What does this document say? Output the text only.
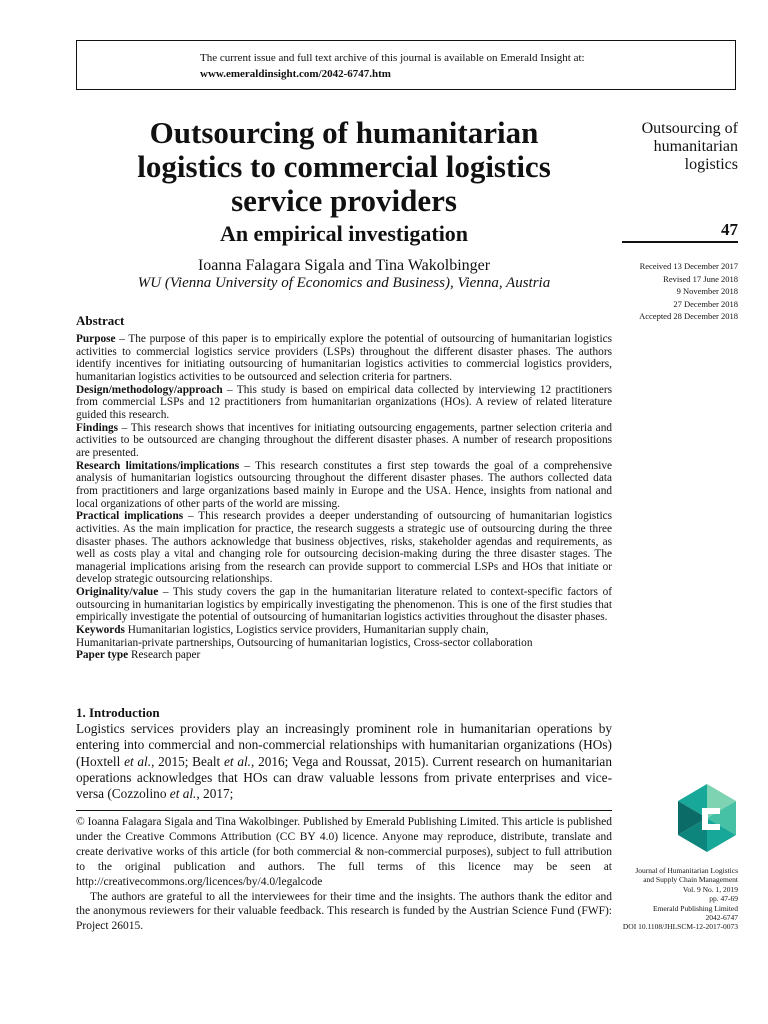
The current issue and full text archive of this journal is available on Emerald Insight at:
www.emeraldinsight.com/2042-6747.htm
Outsourcing of humanitarian
logistics to commercial logistics
service providers
An empirical investigation
Ioanna Falagara Sigala and Tina Wakolbinger
WU (Vienna University of Economics and Business), Vienna, Austria
Outsourcing of
humanitarian
logistics
47
Received 13 December 2017
Revised 17 June 2018
9 November 2018
27 December 2018
Accepted 28 December 2018
Abstract

Purpose – The purpose of this paper is to empirically explore the potential of outsourcing of humanitarian logistics activities to commercial logistics service providers (LSPs) throughout the different disaster phases. The authors identify incentives for initiating outsourcing of humanitarian logistics activities to commercial logistics providers, humanitarian logistics activities to be outsourced and selection criteria for partners.

Design/methodology/approach – This study is based on empirical data collected by interviewing 12 practitioners from commercial LSPs and 12 practitioners from humanitarian organizations (HOs). A review of related literature guided this research.

Findings – This research shows that incentives for initiating outsourcing engagements, partner selection criteria and activities to be outsourced are changing throughout the different disaster phases. A number of research propositions are presented.

Research limitations/implications – This research constitutes a first step towards the goal of a comprehensive analysis of humanitarian logistics outsourcing throughout the different disaster phases. The authors collected data from practitioners and large organizations based mainly in Europe and the USA. Hence, insights from national and local organizations of other parts of the world are missing.

Practical implications – This research provides a deeper understanding of outsourcing of humanitarian logistics activities. As the main implication for practice, the research suggests a strategic use of outsourcing during the three disaster phases. The authors acknowledge that business objectives, risks, stakeholder agendas and requirements, as well as costs play a vital and changing role for outsourcing decision-making during the three disaster stages. The managerial implications arising from the research can provide support to commercial LSPs and HOs that initiate or develop strategic outsourcing relationships.

Originality/value – This study covers the gap in the humanitarian literature related to context-specific factors of outsourcing in humanitarian logistics by empirically investigating the phenomenon. This is one of the first studies that empirically investigate the potential of outsourcing of humanitarian logistics activities throughout the disaster phases.

Keywords Humanitarian logistics, Logistics service providers, Humanitarian supply chain,
Humanitarian-private partnerships, Outsourcing of humanitarian logistics, Cross-sector collaboration

Paper type Research paper

1. Introduction
Logistics services providers play an increasingly prominent role in humanitarian operations by entering into commercial and non-commercial relationships with humanitarian organizations (HOs) (Hoxtell et al., 2015; Bealt et al., 2016; Vega and Roussat, 2015). Current research on humanitarian operations acknowledges that HOs can draw valuable lessons from private enterprises and vice-versa (Cozzolino et al., 2017;

© Ioanna Falagara Sigala and Tina Wakolbinger. Published by Emerald Publishing Limited. This article is published under the Creative Commons Attribution (CC BY 4.0) licence. Anyone may reproduce, distribute, translate and create derivative works of this article (for both commercial & non-commercial purposes), subject to full attribution to the original publication and authors. The full terms of this licence may be seen at http://creativecommons.org/licences/by/4.0/legalcode

The authors are grateful to all the interviewees for their time and the insights. The authors thank the editor and the anonymous reviewers for their valuable feedback. This research is funded by the Austrian Science Fund (FWF): Project 26015.

Journal of Humanitarian Logistics
and Supply Chain Management
Vol. 9 No. 1, 2019
pp. 47-69
Emerald Publishing Limited
2042-6747
DOI 10.1108/JHLSCM-12-2017-0073
